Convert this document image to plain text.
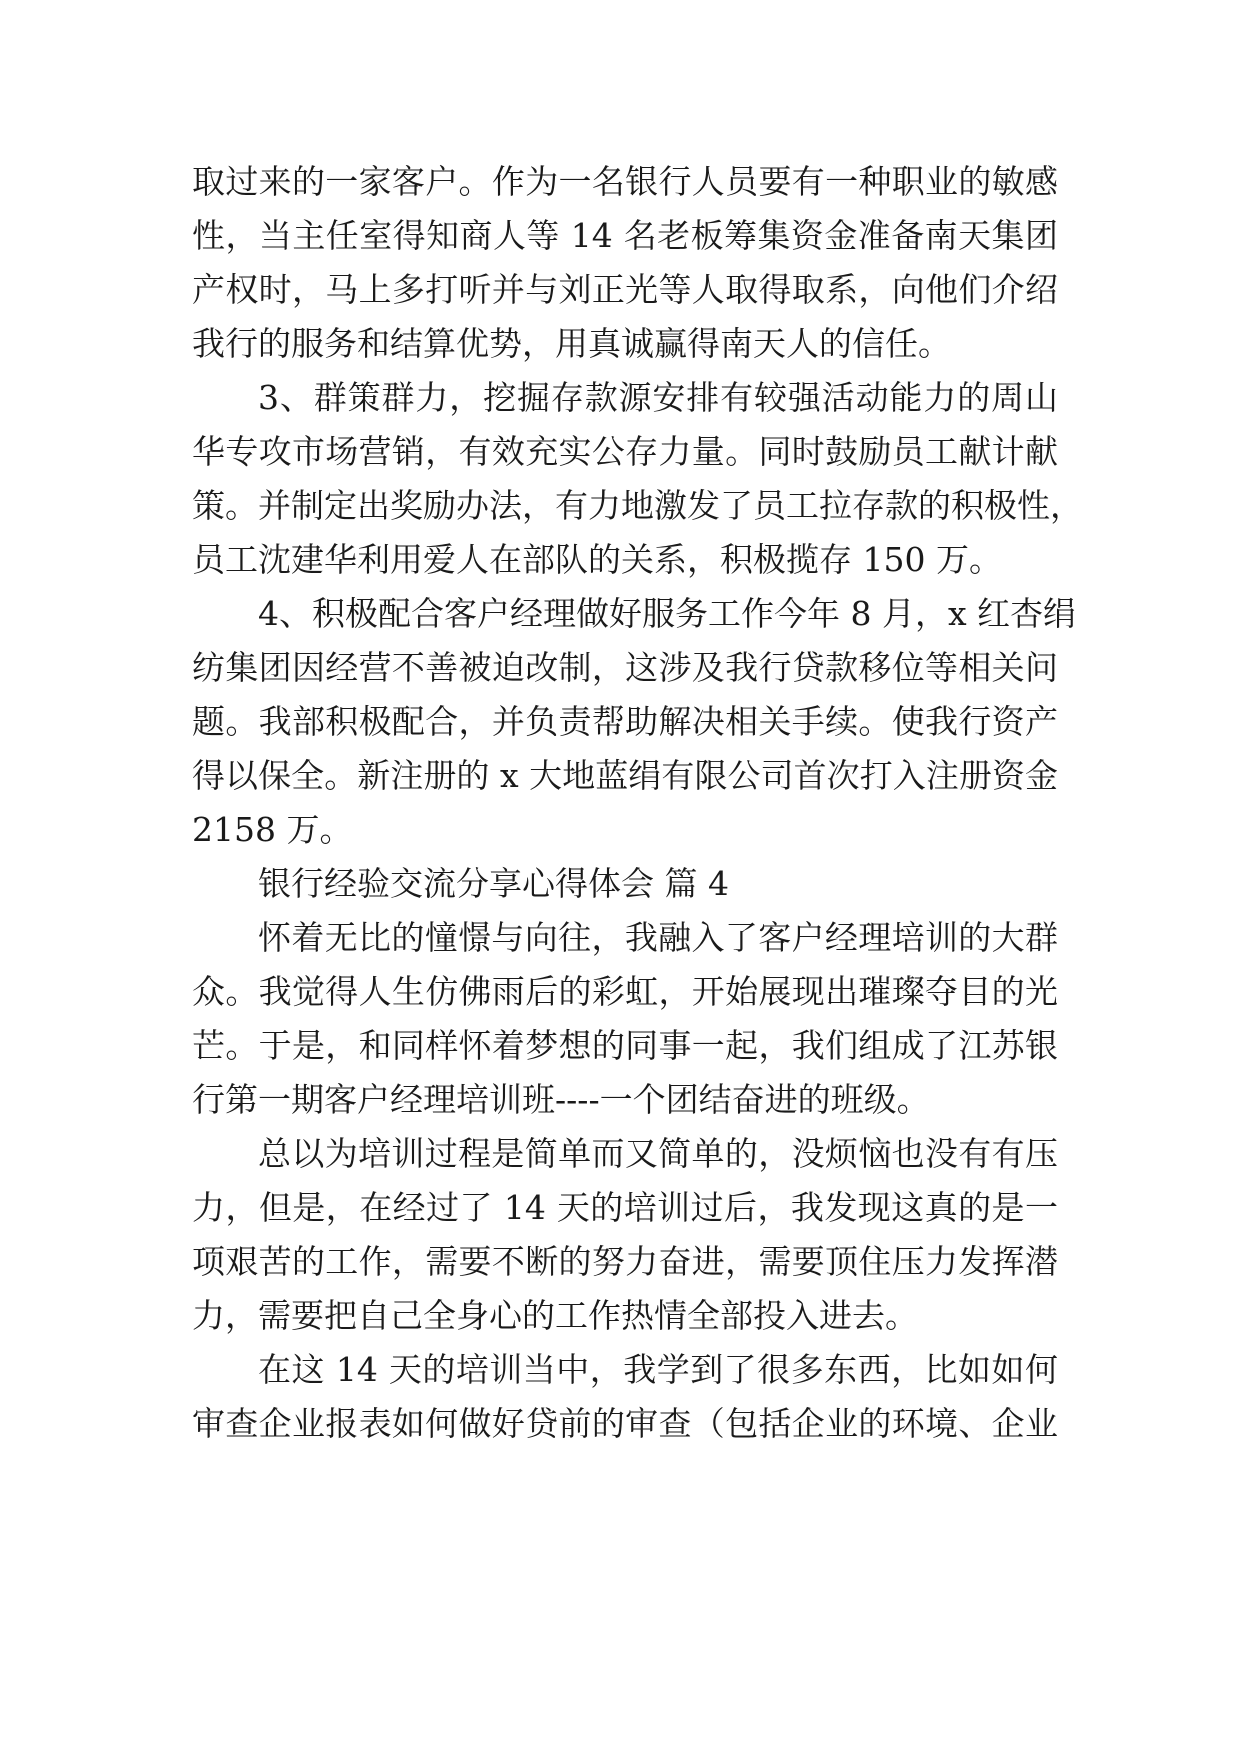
取过来的一家客户。作为一名银行人员要有一种职业的敏感
性，当主任室得知商人等 14 名老板筹集资金准备南天集团
产权时，马上多打听并与刘正光等人取得取系，向他们介绍
我行的服务和结算优势，用真诚赢得南天人的信任。
3、群策群力，挖掘存款源安排有较强活动能力的周山
华专攻市场营销，有效充实公存力量。同时鼓励员工献计献
策。并制定出奖励办法，有力地激发了员工拉存款的积极性，
员工沈建华利用爱人在部队的关系，积极揽存 150 万。
4、积极配合客户经理做好服务工作今年 8 月，x 红杏绢
纺集团因经营不善被迫改制，这涉及我行贷款移位等相关问
题。我部积极配合，并负责帮助解决相关手续。使我行资产
得以保全。新注册的 x 大地蓝绢有限公司首次打入注册资金
2158 万。
银行经验交流分享心得体会 篇 4
怀着无比的憧憬与向往，我融入了客户经理培训的大群
众。我觉得人生仿佛雨后的彩虹，开始展现出璀璨夺目的光
芒。于是，和同样怀着梦想的同事一起，我们组成了江苏银
行第一期客户经理培训班----一个团结奋进的班级。
总以为培训过程是简单而又简单的，没烦恼也没有有压
力，但是，在经过了 14 天的培训过后，我发现这真的是一
项艰苦的工作，需要不断的努力奋进，需要顶住压力发挥潜
力，需要把自己全身心的工作热情全部投入进去。
在这 14 天的培训当中，我学到了很多东西，比如如何
审查企业报表如何做好贷前的审查（包括企业的环境、企业
